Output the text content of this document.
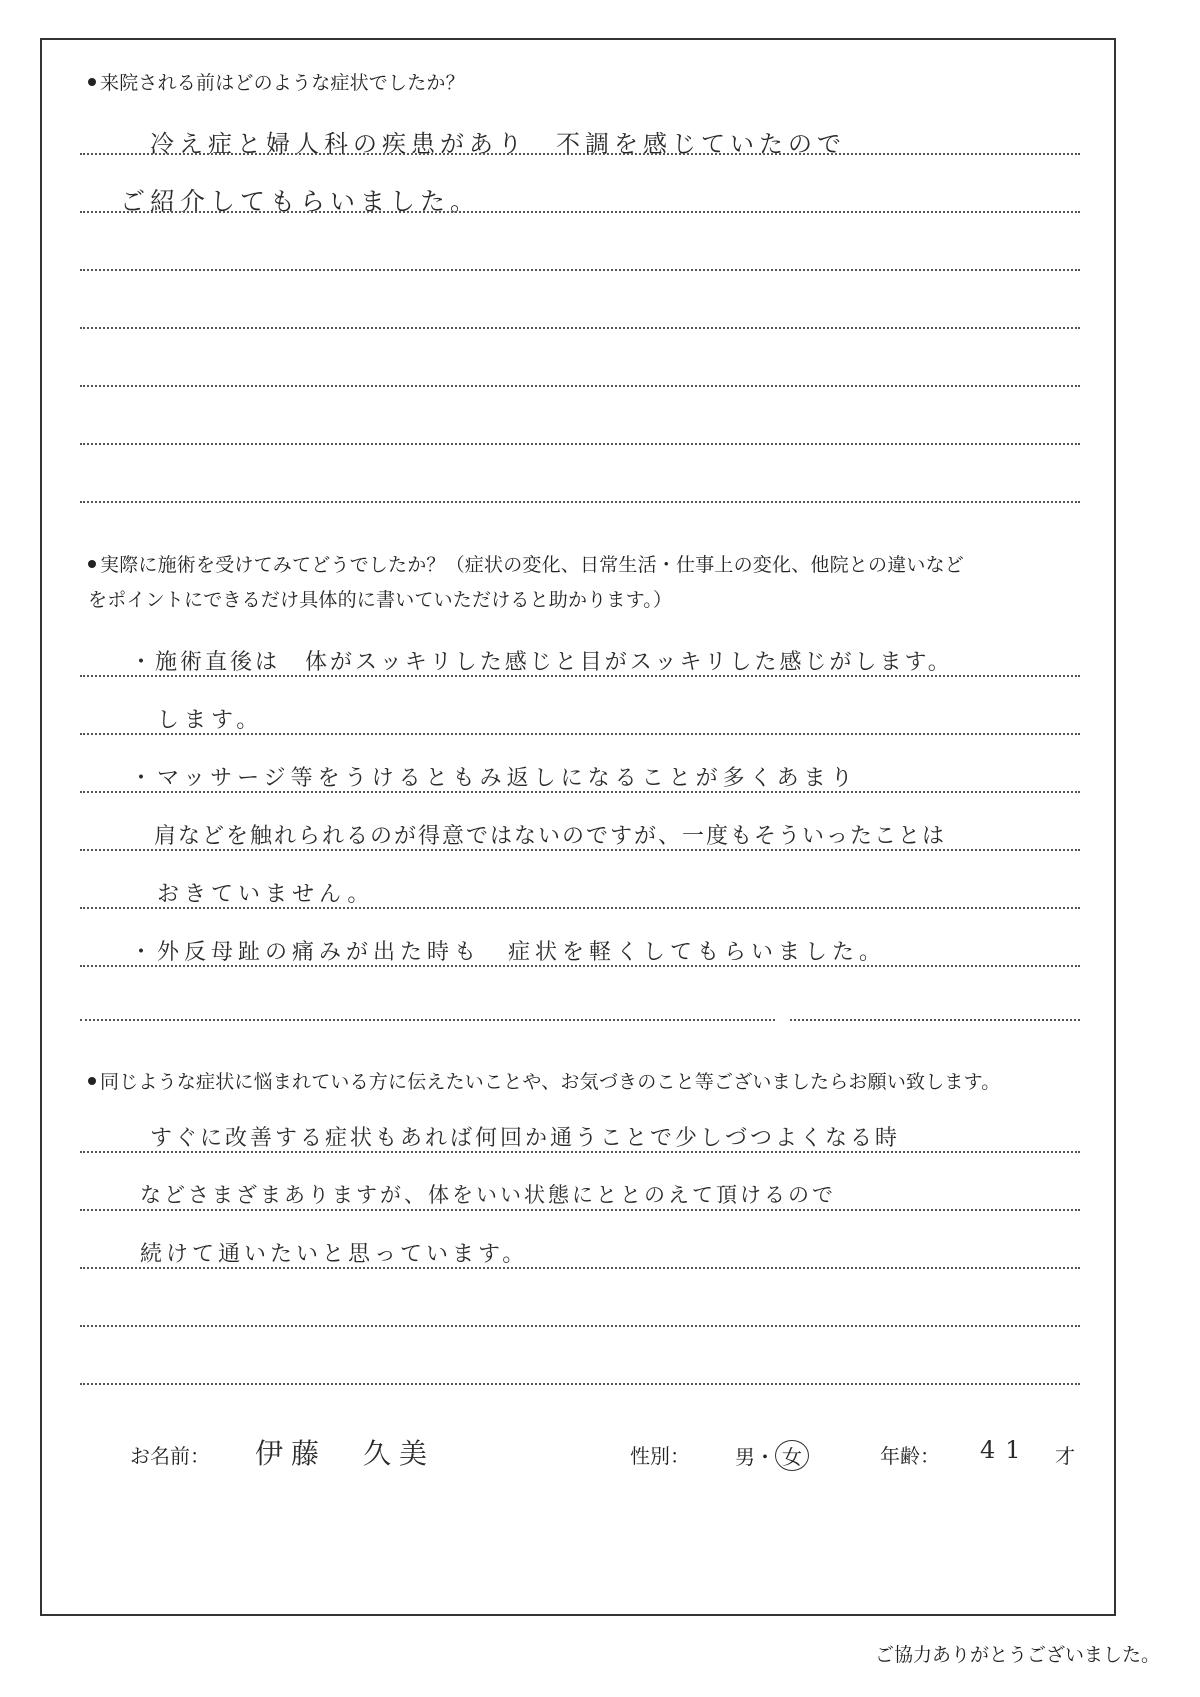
来院される前はどのような症状でしたか？
冷え症と婦人科の疾患があり　不調を感じていたので
ご紹介してもらいました。
実際に施術を受けてみてどうでしたか？（症状の変化、日常生活・仕事上の変化、他院との違いなど
をポイントにできるだけ具体的に書いていただけると助かります。）
・施術直後は　体がスッキリした感じと目がスッキリした感じがします。
　します。
・マッサージ等をうけるともみ返しになることが多くあまり
　肩などを触れられるのが得意ではないのですが、一度もそういったことは
　おきていません。
・外反母趾の痛みが出た時も　症状を軽くしてもらいました。
同じような症状に悩まれている方に伝えたいことや、お気づきのこと等ございましたらお願い致します。
すぐに改善する症状もあれば何回か通うことで少しづつよくなる時
などさまざまありますが、体をいい状態にととのえて頂けるので
続けて通いたいと思っています。
お名前： 伊藤　久美	性別： 男・ 女	年齢： 41 才
ご協力ありがとうございました。
